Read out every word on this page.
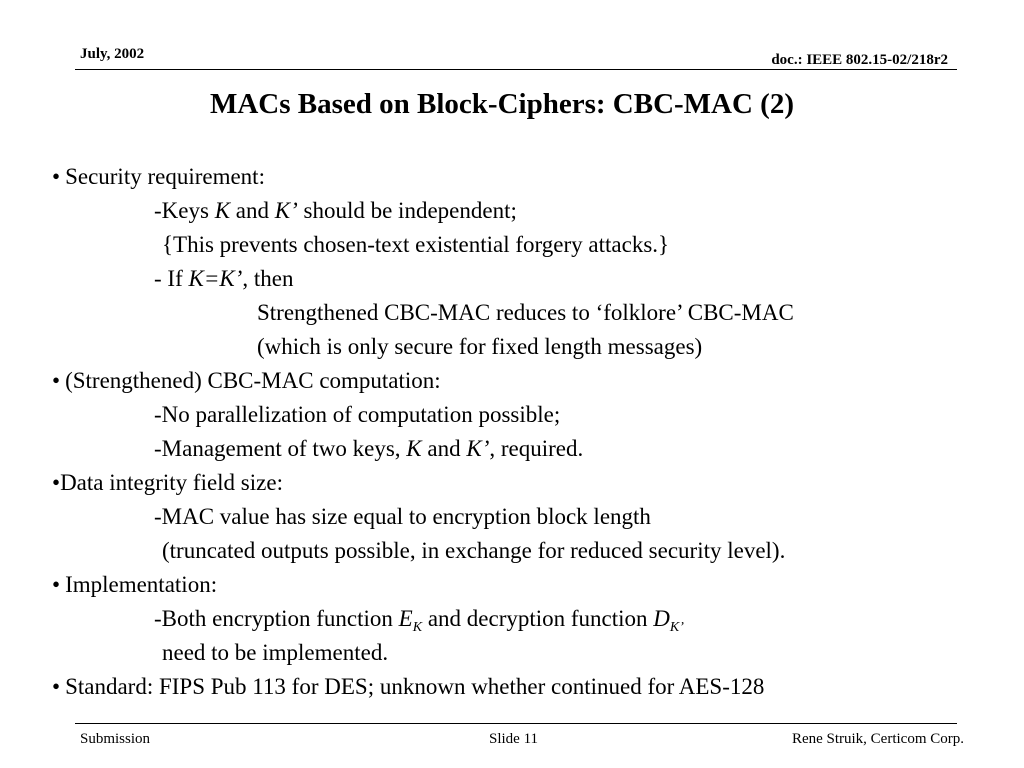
July, 2002	doc.: IEEE 802.15-02/218r2
MACs Based on Block-Ciphers: CBC-MAC (2)
• Security requirement:
-Keys K and K’ should be independent;
{This prevents chosen-text existential forgery attacks.}
- If K=K’, then
Strengthened CBC-MAC reduces to ‘folklore’ CBC-MAC
(which is only secure for fixed length messages)
• (Strengthened) CBC-MAC computation:
-No parallelization of computation possible;
-Management of two keys, K and K’, required.
•Data integrity field size:
-MAC value has size equal to encryption block length
(truncated outputs possible, in exchange for reduced security level).
• Implementation:
-Both encryption function $E_K$ and decryption function $D_{K’}$
need to be implemented.
• Standard: FIPS Pub 113 for DES; unknown whether continued for AES-128
Submission	Slide 11	Rene Struik, Certicom Corp.
